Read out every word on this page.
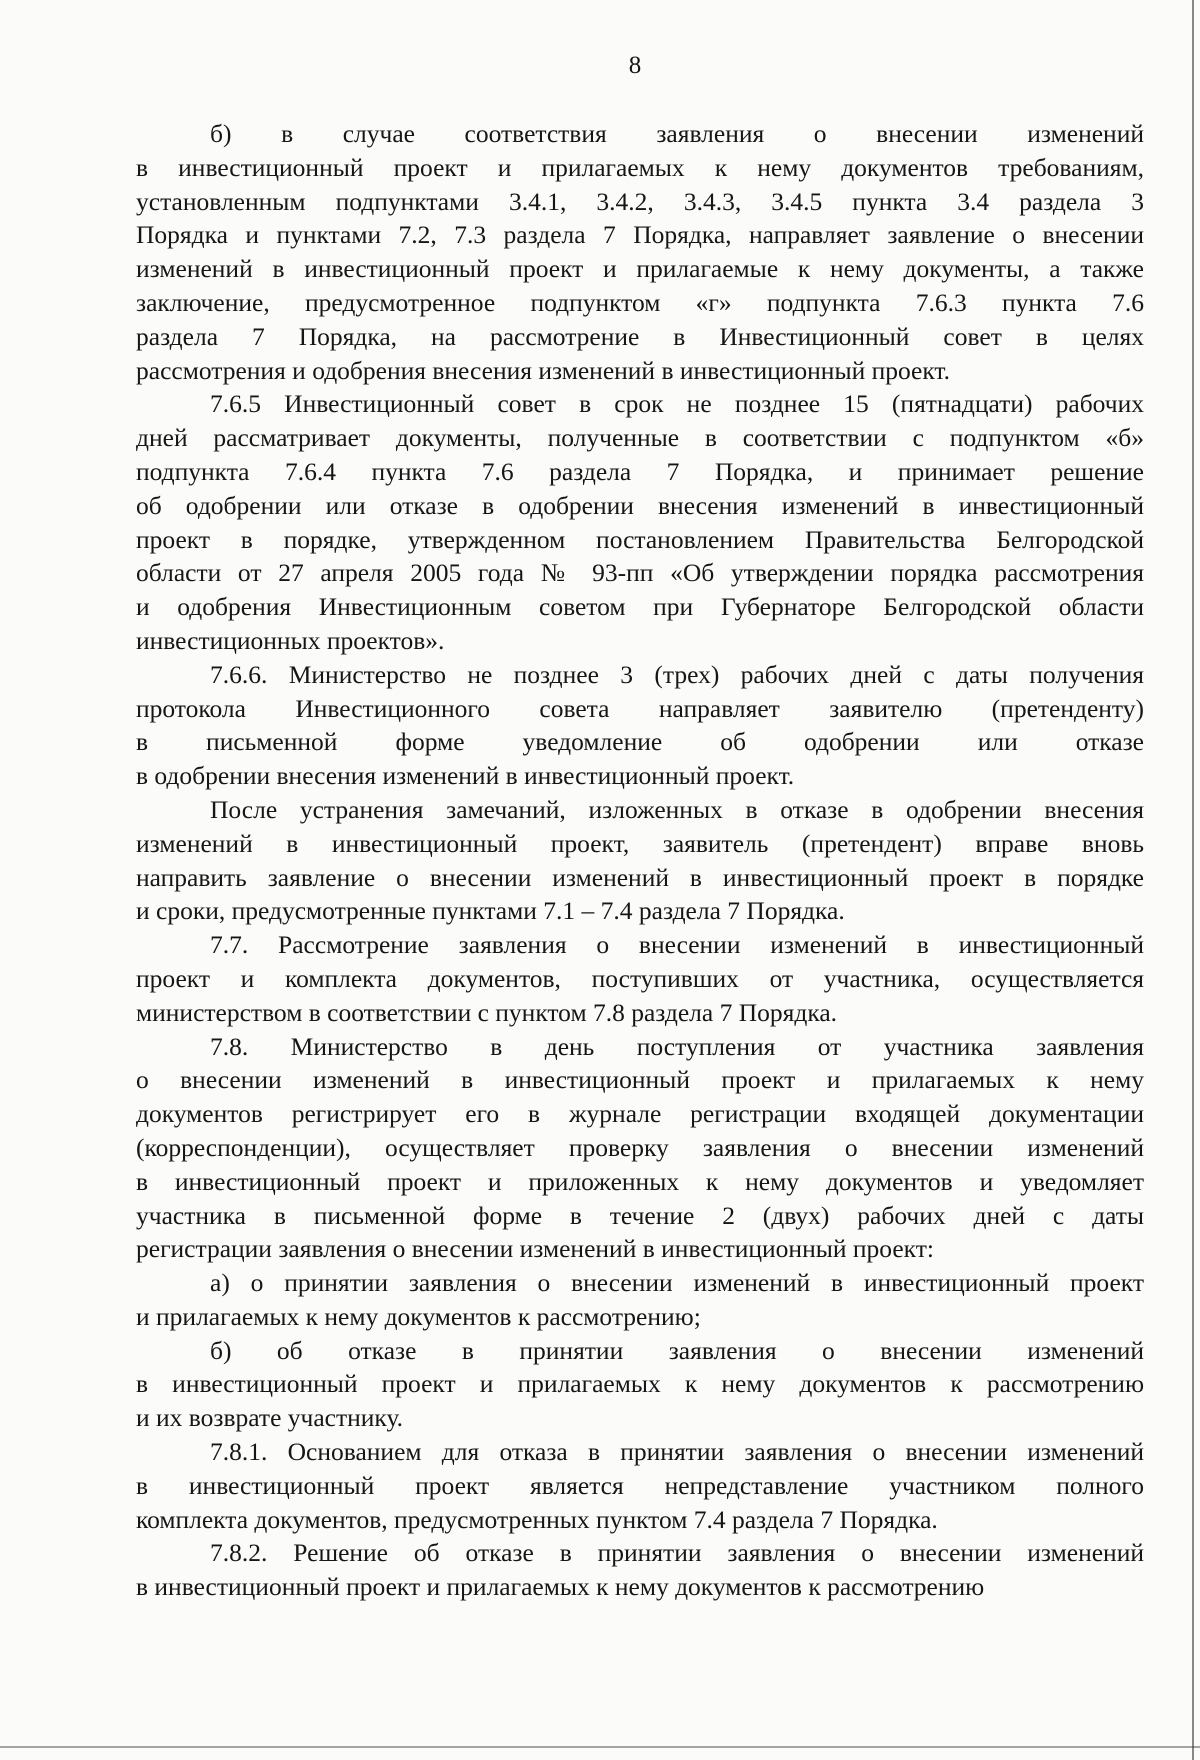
8
б) в случае соответствия заявления о внесении изменений
в инвестиционный проект и прилагаемых к нему документов требованиям,
установленным подпунктами 3.4.1, 3.4.2, 3.4.3, 3.4.5 пункта 3.4 раздела 3
Порядка и пунктами 7.2, 7.3 раздела 7 Порядка, направляет заявление о внесении
изменений в инвестиционный проект и прилагаемые к нему документы, а также
заключение, предусмотренное подпунктом «г» подпункта 7.6.3 пункта 7.6
раздела 7 Порядка, на рассмотрение в Инвестиционный совет в целях
рассмотрения и одобрения внесения изменений в инвестиционный проект.
7.6.5 Инвестиционный совет в срок не позднее 15 (пятнадцати) рабочих
дней рассматривает документы, полученные в соответствии с подпунктом «б»
подпункта 7.6.4 пункта 7.6 раздела 7 Порядка, и принимает решение
об одобрении или отказе в одобрении внесения изменений в инвестиционный
проект в порядке, утвержденном постановлением Правительства Белгородской
области от 27 апреля 2005 года № 93-пп «Об утверждении порядка рассмотрения
и одобрения Инвестиционным советом при Губернаторе Белгородской области
инвестиционных проектов».
7.6.6. Министерство не позднее 3 (трех) рабочих дней с даты получения
протокола Инвестиционного совета направляет заявителю (претенденту)
в письменной форме уведомление об одобрении или отказе
в одобрении внесения изменений в инвестиционный проект.
После устранения замечаний, изложенных в отказе в одобрении внесения
изменений в инвестиционный проект, заявитель (претендент) вправе вновь
направить заявление о внесении изменений в инвестиционный проект в порядке
и сроки, предусмотренные пунктами 7.1 – 7.4 раздела 7 Порядка.
7.7. Рассмотрение заявления о внесении изменений в инвестиционный
проект и комплекта документов, поступивших от участника, осуществляется
министерством в соответствии с пунктом 7.8 раздела 7 Порядка.
7.8. Министерство в день поступления от участника заявления
о внесении изменений в инвестиционный проект и прилагаемых к нему
документов регистрирует его в журнале регистрации входящей документации
(корреспонденции), осуществляет проверку заявления о внесении изменений
в инвестиционный проект и приложенных к нему документов и уведомляет
участника в письменной форме в течение 2 (двух) рабочих дней с даты
регистрации заявления о внесении изменений в инвестиционный проект:
а) о принятии заявления о внесении изменений в инвестиционный проект
и прилагаемых к нему документов к рассмотрению;
б) об отказе в принятии заявления о внесении изменений
в инвестиционный проект и прилагаемых к нему документов к рассмотрению
и их возврате участнику.
7.8.1. Основанием для отказа в принятии заявления о внесении изменений
в инвестиционный проект является непредставление участником полного
комплекта документов, предусмотренных пунктом 7.4 раздела 7 Порядка.
7.8.2. Решение об отказе в принятии заявления о внесении изменений
в инвестиционный проект и прилагаемых к нему документов к рассмотрению
